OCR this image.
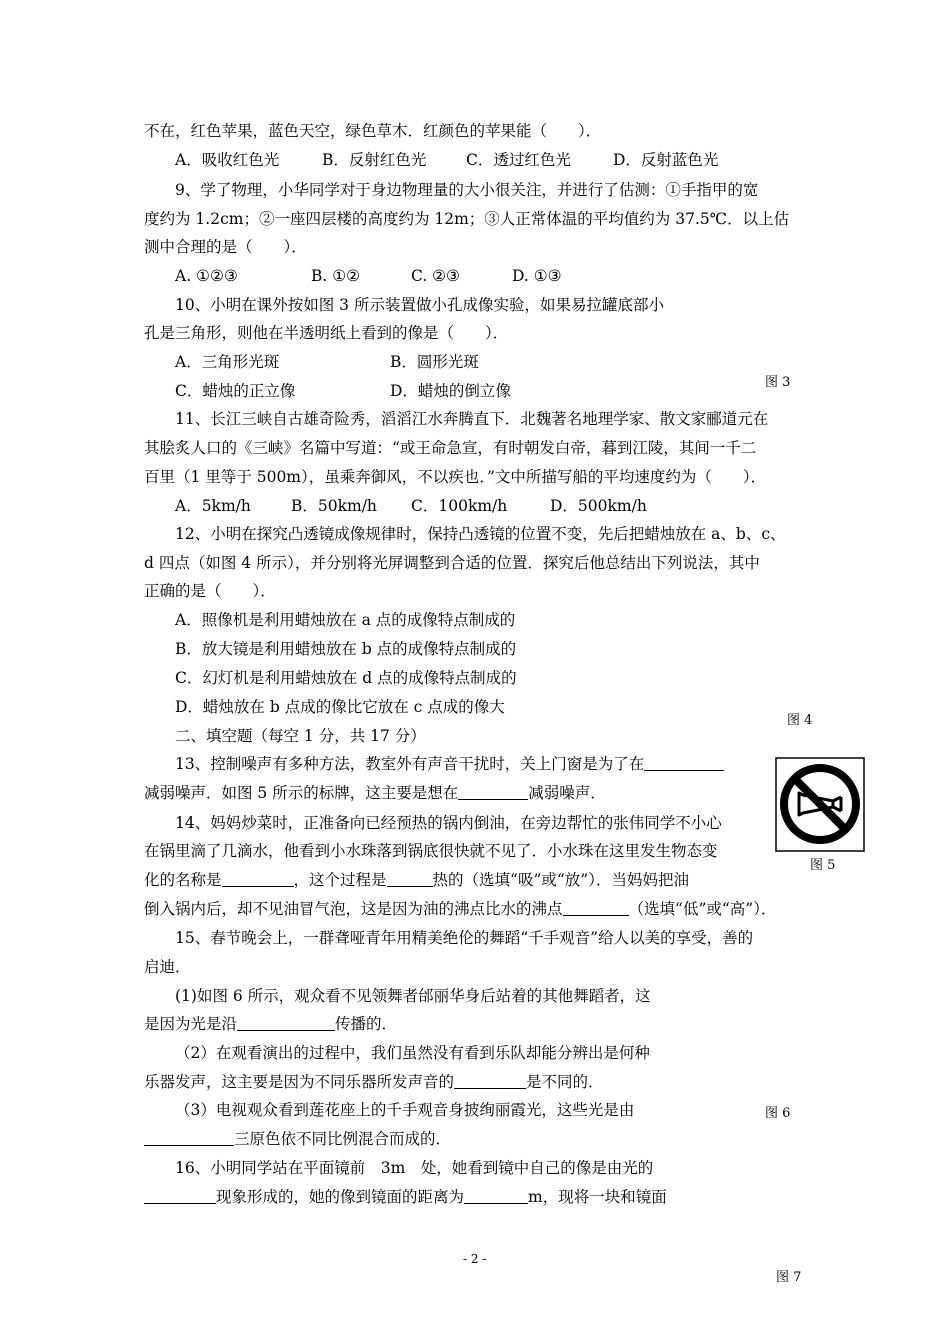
不在，红色苹果，蓝色天空，绿色草木．红颜色的苹果能（　　）．
A．吸收红色光	B．反射红色光	C．透过红色光	D．反射蓝色光
9、学了物理，小华同学对于身边物理量的大小很关注，并进行了估测：①手指甲的宽
度约为 1.2cm；②一座四层楼的高度约为 12m；③人正常体温的平均值约为 37.5℃．以上估
测中合理的是（　　）．
A. ①②③	B. ①②	C. ②③	D. ①③
10、小明在课外按如图 3 所示装置做小孔成像实验，如果易拉罐底部小
孔是三角形，则他在半透明纸上看到的像是（　　）．
A．三角形光斑	B．圆形光斑
C．蜡烛的正立像	D．蜡烛的倒立像	图 3
11、长江三峡自古雄奇险秀，滔滔江水奔腾直下．北魏著名地理学家、散文家郦道元在
其脍炙人口的《三峡》名篇中写道：“或王命急宣，有时朝发白帝，暮到江陵，其间一千二
百里（1 里等于 500m），虽乘奔御风，不以疾也．”文中所描写船的平均速度约为（　　）．
A．5km/h	B．50km/h C．100km/h	D．500km/h
12、小明在探究凸透镜成像规律时，保持凸透镜的位置不变，先后把蜡烛放在 a、b、c、
d 四点（如图 4 所示），并分别将光屏调整到合适的位置．探究后他总结出下列说法，其中
正确的是（　　）．
A．照像机是利用蜡烛放在 a 点的成像特点制成的
B．放大镜是利用蜡烛放在 b 点的成像特点制成的
C．幻灯机是利用蜡烛放在 d 点的成像特点制成的
D．蜡烛放在 b 点成的像比它放在 c 点成的像大
图 4
二、填空题（每空 1 分，共 17 分）
13、控制噪声有多种方法，教室外有声音干扰时，关上门窗是为了在
减弱噪声．如图 5 所示的标牌，这主要是想在	减弱噪声．
图 5
14、妈妈炒菜时，正准备向已经预热的锅内倒油，在旁边帮忙的张伟同学不小心
在锅里滴了几滴水，他看到小水珠落到锅底很快就不见了．小水珠在这里发生物态变
化的名称是	，这个过程是	热的（选填“吸”或“放”）．当妈妈把油
倒入锅内后，却不见油冒气泡，这是因为油的沸点比水的沸点	（选填“低”或“高”）．
15、春节晚会上，一群聋哑青年用精美绝伦的舞蹈“千手观音”给人以美的享受，善的
启迪．
(1)如图 6 所示，观众看不见领舞者邰丽华身后站着的其他舞蹈者，这
是因为光是沿	传播的．
（2）在观看演出的过程中，我们虽然没有看到乐队却能分辨出是何种
乐器发声，这主要是因为不同乐器所发声音的	是不同的．
（3）电视观众看到莲花座上的千手观音身披绚丽霞光，这些光是由	图 6
三原色依不同比例混合而成的．
16、小明同学站在平面镜前　3m　处，她看到镜中自己的像是由光的
现象形成的，她的像到镜面的距离为	m，现将一块和镜面
- 2 -
图 7
